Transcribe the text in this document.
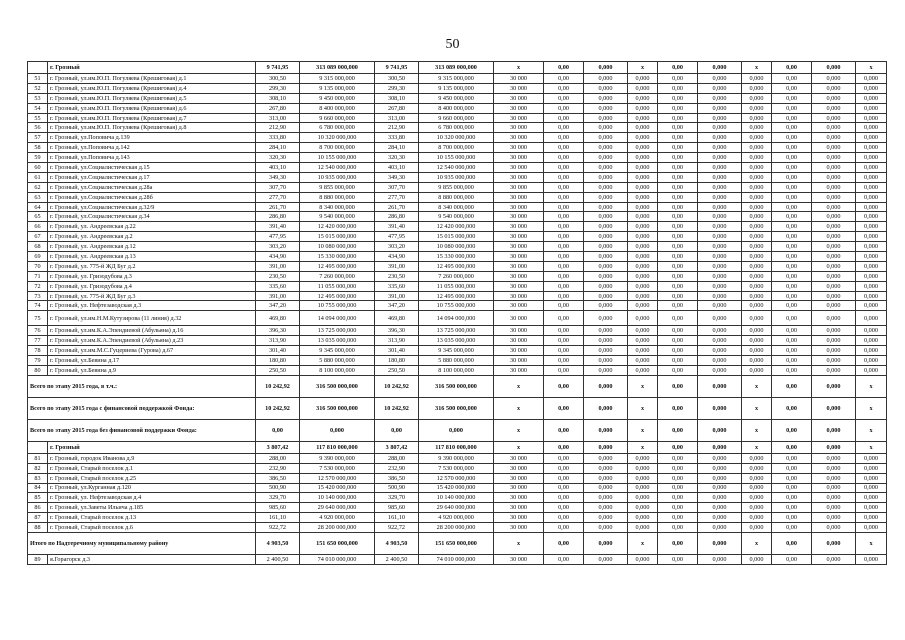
50
	г. Грозный	9 741,95	313 089 000,000	9 741,95	313 089 000,000	x	0,00	0,000	x	0,00	0,000	x	0,00	0,000	x
51	г. Грозный, ул.им.Ю.П. Погуляева (Крешиговая) д.1	300,50	9 315 000,000	300,50	9 315 000,000	30 000	0,00	0,000	0,000	0,00	0,000	0,000	0,00	0,000	0,000
52	г. Грозный, ул.им.Ю.П. Погуляева (Крешиговая) д.4	299,30	9 135 000,000	299,30	9 135 000,000	30 000	0,00	0,000	0,000	0,00	0,000	0,000	0,00	0,000	0,000
53	г. Грозный, ул.им.Ю.П. Погуляева (Крешиговая) д.5	308,10	9 450 000,000	308,10	9 450 000,000	30 000	0,00	0,000	0,000	0,00	0,000	0,000	0,00	0,000	0,000
54	г. Грозный, ул.им.Ю.П. Погуляева (Крешиговая) д.6	267,80	8 400 000,000	267,80	8 400 000,000	30 000	0,00	0,000	0,000	0,00	0,000	0,000	0,00	0,000	0,000
55	г. Грозный, ул.им.Ю.П. Погуляева (Крешиговая) д.7	313,00	9 660 000,000	313,00	9 660 000,000	30 000	0,00	0,000	0,000	0,00	0,000	0,000	0,00	0,000	0,000
56	г. Грозный, ул.им.Ю.П. Погуляева (Крешиговая) д.8	212,90	6 780 000,000	212,90	6 780 000,000	30 000	0,00	0,000	0,000	0,00	0,000	0,000	0,00	0,000	0,000
57	г. Грозный, ул.Поповича д.139	333,80	10 320 000,000	333,80	10 320 000,000	30 000	0,00	0,000	0,000	0,00	0,000	0,000	0,00	0,000	0,000
58	г. Грозный, ул.Поповича д.142	284,10	8 700 000,000	284,10	8 700 000,000	30 000	0,00	0,000	0,000	0,00	0,000	0,000	0,00	0,000	0,000
59	г. Грозный, ул.Поповича д.143	320,30	10 155 000,000	320,30	10 155 000,000	30 000	0,00	0,000	0,000	0,00	0,000	0,000	0,00	0,000	0,000
60	г. Грозный, ул.Социалистическая д.15	403,10	12 540 000,000	403,10	12 540 000,000	30 000	0,00	0,000	0,000	0,00	0,000	0,000	0,00	0,000	0,000
61	г. Грозный, ул.Социалистическая д.17	349,30	10 935 000,000	349,30	10 935 000,000	30 000	0,00	0,000	0,000	0,00	0,000	0,000	0,00	0,000	0,000
62	г. Грозный, ул.Социалистическая д.28а	307,70	9 855 000,000	307,70	9 855 000,000	30 000	0,00	0,000	0,000	0,00	0,000	0,000	0,00	0,000	0,000
63	г. Грозный, ул.Социалистическая д.28б	277,70	8 880 000,000	277,70	8 880 000,000	30 000	0,00	0,000	0,000	0,00	0,000	0,000	0,00	0,000	0,000
64	г. Грозный, ул.Социалистическая д.32/9	261,70	8 340 000,000	261,70	8 340 000,000	30 000	0,00	0,000	0,000	0,00	0,000	0,000	0,00	0,000	0,000
65	г. Грозный, ул.Социалистическая д.34	286,80	9 540 000,000	286,80	9 540 000,000	30 000	0,00	0,000	0,000	0,00	0,000	0,000	0,00	0,000	0,000
66	г. Грозный, ул. Андреевская д.22	391,40	12 420 000,000	391,40	12 420 000,000	30 000	0,00	0,000	0,000	0,00	0,000	0,000	0,00	0,000	0,000
67	г. Грозный, ул. Андреевская д.2	477,95	15 015 000,000	477,95	15 015 000,000	30 000	0,00	0,000	0,000	0,00	0,000	0,000	0,00	0,000	0,000
68	г. Грозный, ул. Андреевская д.12	303,20	10 080 000,000	303,20	10 080 000,000	30 000	0,00	0,000	0,000	0,00	0,000	0,000	0,00	0,000	0,000
69	г. Грозный, ул. Андреевская д.13	434,90	15 330 000,000	434,90	15 330 000,000	30 000	0,00	0,000	0,000	0,00	0,000	0,000	0,00	0,000	0,000
70	г. Грозный, ул. 775-й ЖД Буг д.2	391,00	12 495 000,000	391,00	12 495 000,000	30 000	0,00	0,000	0,000	0,00	0,000	0,000	0,00	0,000	0,000
71	г. Грозный, ул. Гризодубова д.3	230,50	7 260 000,000	230,50	7 260 000,000	30 000	0,00	0,000	0,000	0,00	0,000	0,000	0,00	0,000	0,000
72	г. Грозный, ул. Гризодубова д.4	335,60	11 055 000,000	335,60	11 055 000,000	30 000	0,00	0,000	0,000	0,00	0,000	0,000	0,00	0,000	0,000
73	г. Грозный, ул. 775-й ЖД Буг д.3	391,00	12 495 000,000	391,00	12 495 000,000	30 000	0,00	0,000	0,000	0,00	0,000	0,000	0,00	0,000	0,000
74	г. Грозный, ул. Нефтезаводская д.3	347,20	10 755 000,000	347,20	10 755 000,000	30 000	0,00	0,000	0,000	0,00	0,000	0,000	0,00	0,000	0,000
75	г. Грозный, ул.им.Н.М.Кутузирова (11 линия) д.32	469,80	14 094 000,000	469,80	14 094 000,000	30 000	0,00	0,000	0,000	0,00	0,000	0,000	0,00	0,000	0,000
76	г. Грозный, ул.им.К.А.Эпендиевой (Абульяна) д.16	396,30	13 725 000,000	396,30	13 725 000,000	30 000	0,00	0,000	0,000	0,00	0,000	0,000	0,00	0,000	0,000
77	г. Грозный, ул.им.К.А.Эпендиевой (Абульяна) д.23	313,90	13 035 000,000	313,90	13 035 000,000	30 000	0,00	0,000	0,000	0,00	0,000	0,000	0,00	0,000	0,000
78	г. Грозный, ул.им.М.С.Гуцериева (Гурова) д.67	301,40	9 345 000,000	301,40	9 345 000,000	30 000	0,00	0,000	0,000	0,00	0,000	0,000	0,00	0,000	0,000
79	г. Грозный, ул.Бевина д.17	180,80	5 880 000,000	180,80	5 880 000,000	30 000	0,00	0,000	0,000	0,00	0,000	0,000	0,00	0,000	0,000
80	г. Грозный, ул.Бевина д.9	250,50	8 100 000,000	250,50	8 100 000,000	30 000	0,00	0,000	0,000	0,00	0,000	0,000	0,00	0,000	0,000
Всего по этапу 2015 года, в т.ч.:		10 242,92	316 500 000,000	10 242,92	316 500 000,000	x	0,00	0,000	x	0,00	0,000	x	0,00	0,000	x
Всего по этапу 2015 года с финансовой поддержкой Фонда:		10 242,92	316 500 000,000	10 242,92	316 500 000,000	x	0,00	0,000	x	0,00	0,000	x	0,00	0,000	x
Всего по этапу 2015 года без финансовой поддержки Фонда:		0,00	0,000	0,00	0,000	x	0,00	0,000	x	0,00	0,000	x	0,00	0,000	x
	г. Грозный	3 807,42	117 810 000,000	3 807,42	117 810 000,000	x	0,00	0,000	x	0,00	0,000	x	0,00	0,000	x
81	г. Грозный, городок Иванова д.9	288,00	9 390 000,000	288,00	9 390 000,000	30 000	0,00	0,000	0,000	0,00	0,000	0,000	0,00	0,000	0,000
82	г. Грозный, Старый поселок д.1	232,90	7 530 000,000	232,90	7 530 000,000	30 000	0,00	0,000	0,000	0,00	0,000	0,000	0,00	0,000	0,000
83	г. Грозный, Старый поселок д.25	386,50	12 570 000,000	386,50	12 570 000,000	30 000	0,00	0,000	0,000	0,00	0,000	0,000	0,00	0,000	0,000
84	г. Грозный, ул.Курганная д.120	500,90	15 420 000,000	500,90	15 420 000,000	30 000	0,00	0,000	0,000	0,00	0,000	0,000	0,00	0,000	0,000
85	г. Грозный, ул. Нефтезаводская д.4	329,70	10 140 000,000	329,70	10 140 000,000	30 000	0,00	0,000	0,000	0,00	0,000	0,000	0,00	0,000	0,000
86	г. Грозный, ул.Заветы Ильича д.185	985,60	29 640 000,000	985,60	29 640 000,000	30 000	0,00	0,000	0,000	0,00	0,000	0,000	0,00	0,000	0,000
87	г. Грозный, Старый поселок д.13	161,10	4 920 000,000	161,10	4 920 000,000	30 000	0,00	0,000	0,000	0,00	0,000	0,000	0,00	0,000	0,000
88	г. Грозный, Старый поселок д.6	922,72	28 200 000,000	922,72	28 200 000,000	30 000	0,00	0,000	0,000	0,00	0,000	0,000	0,00	0,000	0,000
Итого по Надтеречному муниципальному району		4 903,50	151 650 000,000	4 903,50	151 650 000,000	x	0,00	0,000	x	0,00	0,000	x	0,00	0,000	x
89	я.Горагорск д.3	2 400,50	74 010 000,000	2 400,50	74 010 000,000	30 000	0,00	0,000	0,000	0,00	0,000	0,000	0,00	0,000	0,000
